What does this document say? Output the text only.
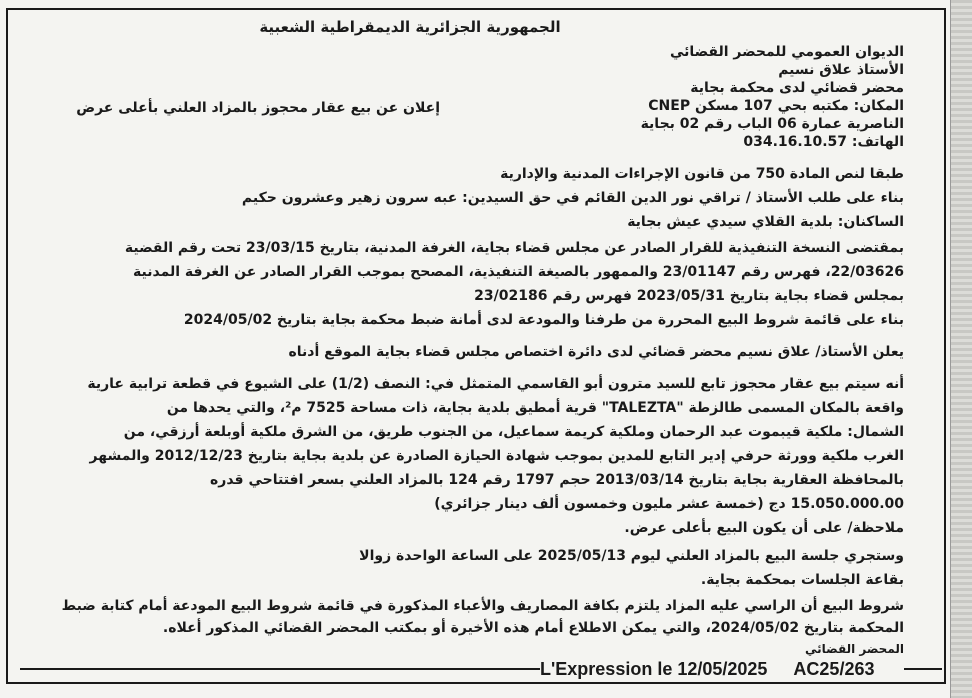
الجمهورية الجزائرية الديمقراطية الشعبية
الديوان العمومي للمحضر القضائي
الأستاذ علاق نسيم
محضر قضائي لدى محكمة بجاية
المكان: مكتبه بحي 107 مسكن CNEP
الناصرية عمارة 06 الباب رقم 02 بجاية
الهاتف: 034.16.10.57
إعلان عن بيع عقار محجوز بالمزاد العلني بأعلى عرض
طبقا لنص المادة 750 من قانون الإجراءات المدنية والإدارية
بناء على طلب الأستاذ / تراقي نور الدين القائم في حق السيدين: عبه سرون زهير وعشرون حكيم
الساكنان: بلدية القلاي سيدي عيش بجاية
بمقتضى النسخة التنفيذية للقرار الصادر عن مجلس قضاء بجاية، الغرفة المدنية، بتاريخ 23/03/15 تحت رقم القضية
22/03626، فهرس رقم 23/01147 والممهور بالصيغة التنفيذية، المصحح بموجب القرار الصادر عن الغرفة المدنية
بمجلس قضاء بجاية بتاريخ 2023/05/31 فهرس رقم 23/02186
بناء على قائمة شروط البيع المحررة من طرفنا والمودعة لدى أمانة ضبط محكمة بجاية بتاريخ 2024/05/02
يعلن الأستاذ/ علاق نسيم محضر قضائي لدى دائرة اختصاص مجلس قضاء بجاية الموقع أدناه
أنه سيتم بيع عقار محجوز تابع للسيد مترون أبو القاسمي المتمثل في: النصف (1/2) على الشيوع في قطعة ترابية عارية
واقعة بالمكان المسمى طالزطة "TALEZTA" قرية أمطيق بلدية بجاية، ذات مساحة 7525 م²، والتي يحدها من
الشمال: ملكية قيبموت عبد الرحمان وملكية كريمة سماعيل، من الجنوب طريق، من الشرق ملكية أوبلعة أرزقي، من
الغرب ملكية وورثة حرفي إدير التابع للمدين بموجب شهادة الحيازة الصادرة عن بلدية بجاية بتاريخ 2012/12/23 والمشهر
بالمحافظة العقارية بجاية بتاريخ 2013/03/14 حجم 1797 رقم 124 بالمزاد العلني بسعر افتتاحي قدره
15.050.000.00 دج (خمسة عشر مليون وخمسون ألف دينار جزائري)
ملاحظة/ على أن يكون البيع بأعلى عرض.
وستجري جلسة البيع بالمزاد العلني ليوم 2025/05/13 على الساعة الواحدة زوالا
بقاعة الجلسات بمحكمة بجاية.
شروط البيع أن الراسي عليه المزاد يلتزم بكافة المصاريف والأعباء المذكورة في قائمة شروط البيع المودعة أمام كتابة ضبط
المحكمة بتاريخ 2024/05/02، والتي يمكن الاطلاع أمام هذه الأخيرة أو بمكتب المحضر القضائي المذكور أعلاه.
المحضر القضائي
L'Expression le 12/05/2025 AC25/263
